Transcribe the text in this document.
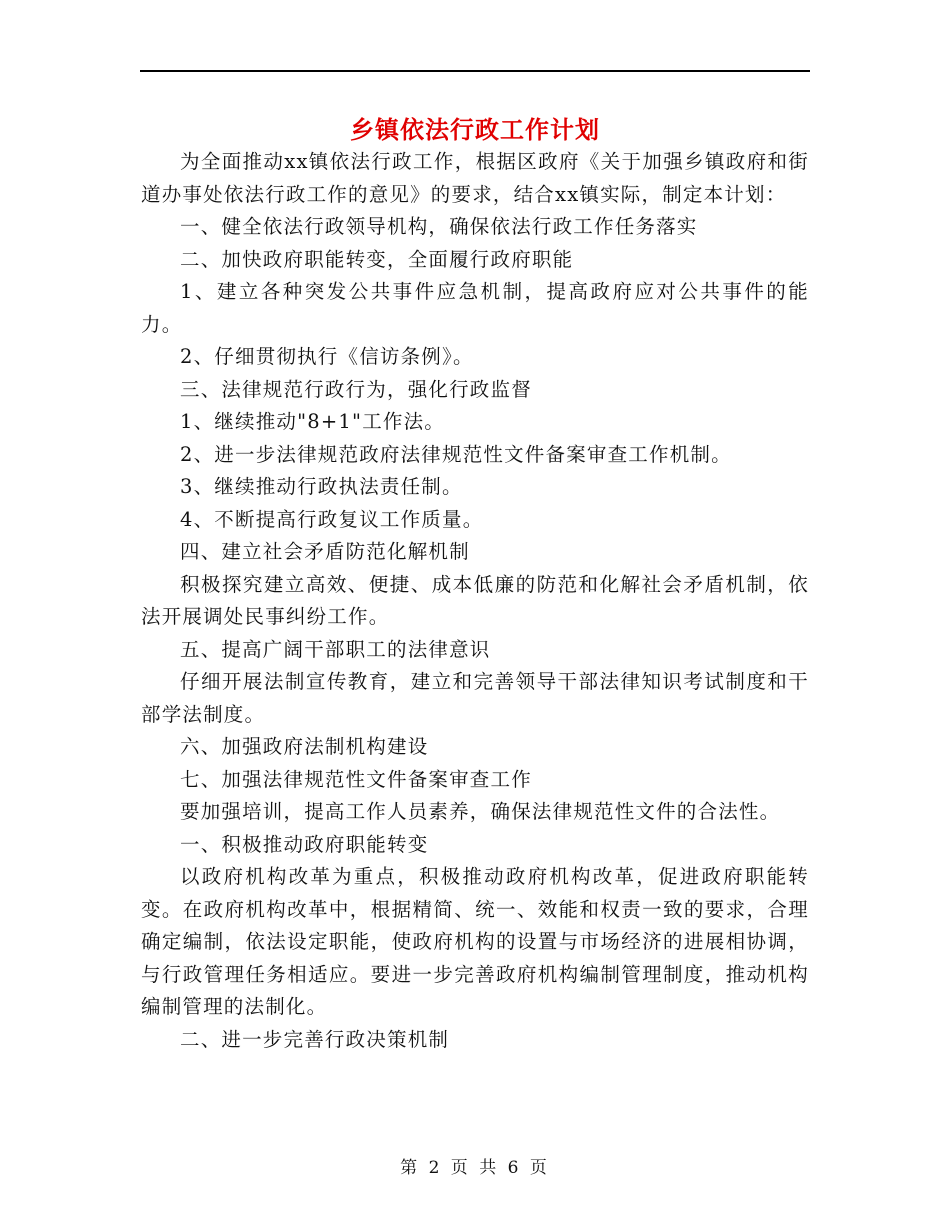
乡镇依法行政工作计划

为全面推动xx镇依法行政工作，根据区政府《关于加强乡镇政府和街道办事处依法行政工作的意见》的要求，结合xx镇实际，制定本计划：

一、健全依法行政领导机构，确保依法行政工作任务落实

二、加快政府职能转变，全面履行政府职能

1、建立各种突发公共事件应急机制，提高政府应对公共事件的能力。

2、仔细贯彻执行《信访条例》。

三、法律规范行政行为，强化行政监督

1、继续推动"8+1"工作法。

2、进一步法律规范政府法律规范性文件备案审查工作机制。

3、继续推动行政执法责任制。

4、不断提高行政复议工作质量。

四、建立社会矛盾防范化解机制

积极探究建立高效、便捷、成本低廉的防范和化解社会矛盾机制，依法开展调处民事纠纷工作。

五、提高广阔干部职工的法律意识

仔细开展法制宣传教育，建立和完善领导干部法律知识考试制度和干部学法制度。

六、加强政府法制机构建设

七、加强法律规范性文件备案审查工作

要加强培训，提高工作人员素养，确保法律规范性文件的合法性。

一、积极推动政府职能转变

以政府机构改革为重点，积极推动政府机构改革，促进政府职能转变。在政府机构改革中，根据精简、统一、效能和权责一致的要求，合理确定编制，依法设定职能，使政府机构的设置与市场经济的进展相协调，与行政管理任务相适应。要进一步完善政府机构编制管理制度，推动机构编制管理的法制化。

二、进一步完善行政决策机制

第 2 页 共 6 页
